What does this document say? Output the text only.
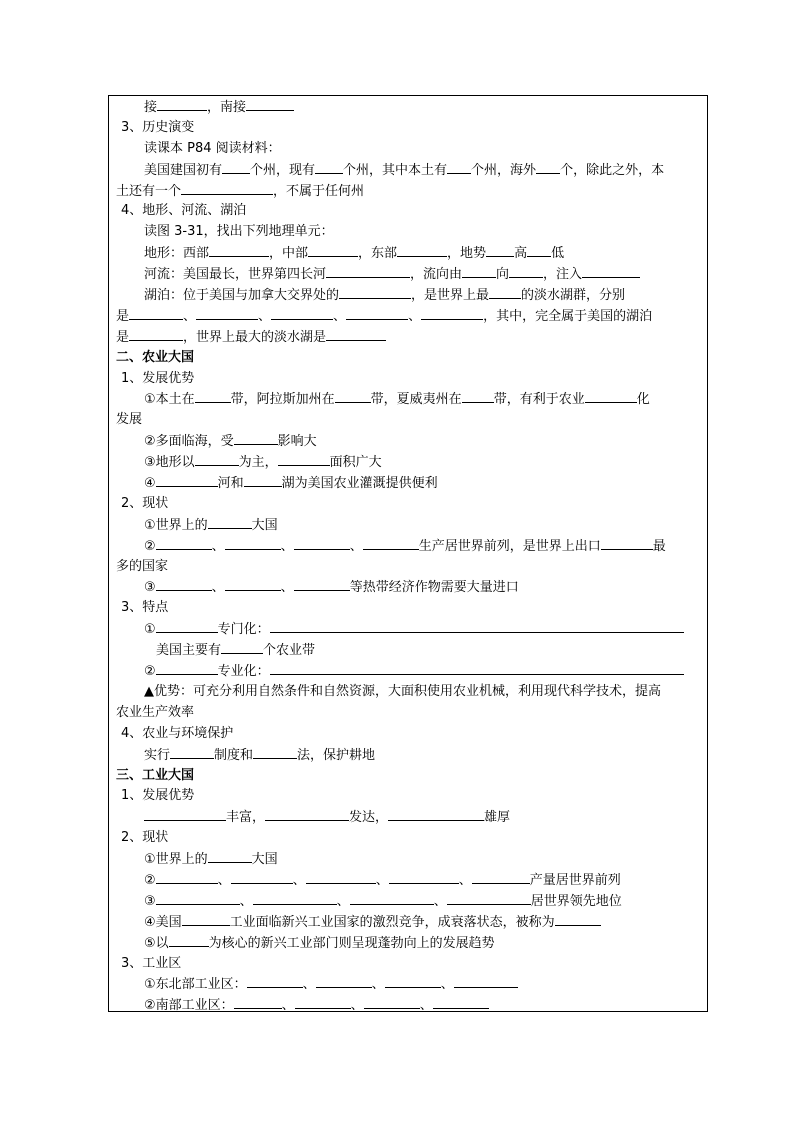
接	，南接
3、历史演变
读课本 P84 阅读材料：
美国建国初有 个州，现有 个州，其中本土有 个州，海外 个，除此之外，本
土还有一个	，不属于任何州
4、地形、河流、湖泊
读图 3-31，找出下列地理单元：
地形：西部	，中部	，东部	，地势 高 低
河流：美国最长，世界第四长河	，流向由	向	，注入
湖泊：位于美国与加拿大交界处的	，是世界上最 的淡水湖群，分别
是	、	、	、	、	，其中，完全属于美国的湖泊
是	，世界上最大的淡水湖是
二、农业大国
1、发展优势
①本土在	带，阿拉斯加州在	带，夏威夷州在 带，有利于农业	化
发展
②多面临海，受	影响大
③地形以	为主，	面积广大
④	河和	湖为美国农业灌溉提供便利
2、现状
①世界上的	大国
②	、	、	、	生产居世界前列，是世界上出口	最
多的国家
③	、	、	等热带经济作物需要大量进口
3、特点
①	专门化：
美国主要有	个农业带
②	专业化：
▲优势：可充分利用自然条件和自然资源，大面积使用农业机械，利用现代科学技术，提高
农业生产效率
4、农业与环境保护
实行	制度和	法，保护耕地
三、工业大国
1、发展优势
丰富，	发达，	雄厚
2、现状
①世界上的	大国
②	、	、	、	、	产量居世界前列
③	、	、	、	居世界领先地位
④美国	工业面临新兴工业国家的激烈竞争，成衰落状态，被称为
⑤以	为核心的新兴工业部门则呈现蓬勃向上的发展趋势
3、工业区
①东北部工业区：	、	、	、
②南部工业区：	、	、	、
